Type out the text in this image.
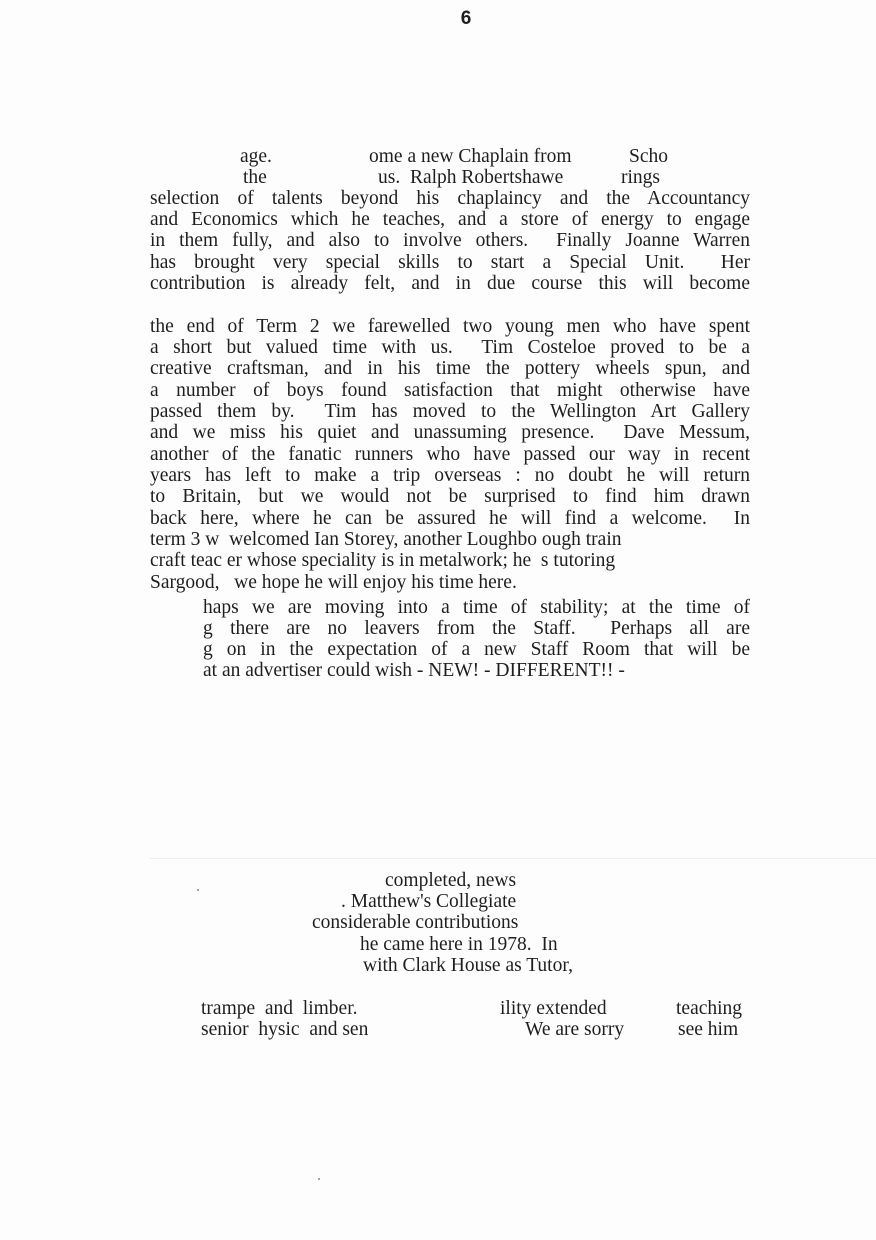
6
age.	ome a new Chaplain from	Scho
the	us.  Ralph Robertshawe	rings
selection of talents beyond his chaplaincy and the Accountancy
and Economics which he teaches, and a store of energy to engage
in them fully, and also to involve others.  Finally Joanne Warren
has brought very special skills to start a Special Unit.  Her
contribution is already felt, and in due course this will become
the end of Term 2 we farewelled two young men who have spent
a short but valued time with us.  Tim Costeloe proved to be a
creative craftsman, and in his time the pottery wheels spun, and
a number of boys found satisfaction that might otherwise have
passed them by.  Tim has moved to the Wellington Art Gallery
and we miss his quiet and unassuming presence.  Dave Messum,
another of the fanatic runners who have passed our way in recent
years has left to make a trip overseas : no doubt he will return
to Britain, but we would not be surprised to find him drawn
back here, where he can be assured he will find a welcome.  In
term 3 w  welcomed Ian Storey, another Loughbo ough train
craft teac er whose speciality is in metalwork; he  s tutoring
Sargood,   we hope he will enjoy his time here.
haps we are moving into a time of stability; at the time of
g there are no leavers from the Staff.  Perhaps all are
g on in the expectation of a new Staff Room that will be
at an advertiser could wish - NEW! - DIFFERENT!! -
completed, news
. Matthew's Collegiate
considerable contributions
he came here in 1978.  In
with Clark House as Tutor,
trampe  and  limber.	ility extended	teaching
senior  hysic  and sen	We are sorry	see him
